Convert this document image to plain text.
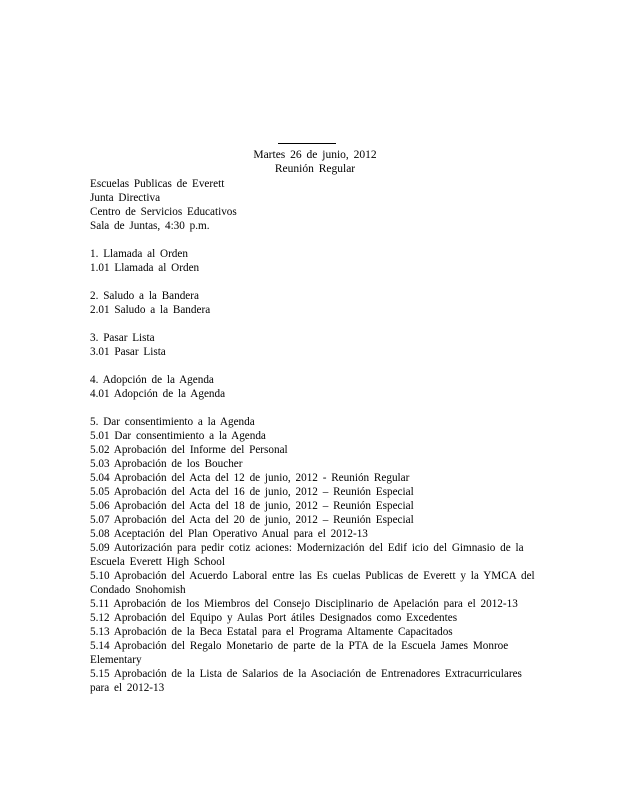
Martes 26 de junio, 2012
Reunión Regular
Escuelas Publicas de Everett
Junta Directiva
Centro de Servicios Educativos
Sala de Juntas, 4:30 p.m.
1. Llamada al Orden
1.01 Llamada al Orden
2. Saludo a la Bandera
2.01 Saludo a la Bandera
3. Pasar Lista
3.01 Pasar Lista
4. Adopción de la Agenda
4.01 Adopción de la Agenda
5. Dar consentimiento a la Agenda
5.01 Dar consentimiento a la Agenda
5.02 Aprobación del Informe del Personal
5.03 Aprobación de los Boucher
5.04 Aprobación del Acta del 12 de junio, 2012 - Reunión Regular
5.05 Aprobación del Acta del 16 de junio, 2012 – Reunión Especial
5.06 Aprobación del Acta del 18 de junio, 2012 – Reunión Especial
5.07 Aprobación del Acta del 20 de junio, 2012 – Reunión Especial
5.08 Aceptación del Plan Operativo Anual para el 2012-13
5.09 Autorización para pedir cotiz aciones: Modernización del Edif icio del Gimnasio de la Escuela Everett High School
5.10 Aprobación del Acuerdo Laboral entre las Es cuelas Publicas de Everett y la YMCA del Condado Snohomish
5.11 Aprobación de los Miembros del Consejo Disciplinario de Apelación para el 2012-13
5.12 Aprobación del Equipo y Aulas Port átiles Designados como Excedentes
5.13 Aprobación de la Beca Estatal para el Programa Altamente Capacitados
5.14 Aprobación del Regalo Monetario de parte de la PTA de la Escuela James Monroe Elementary
5.15 Aprobación de la Lista de Salarios de la Asociación de Entrenadores Extracurriculares para el 2012-13
